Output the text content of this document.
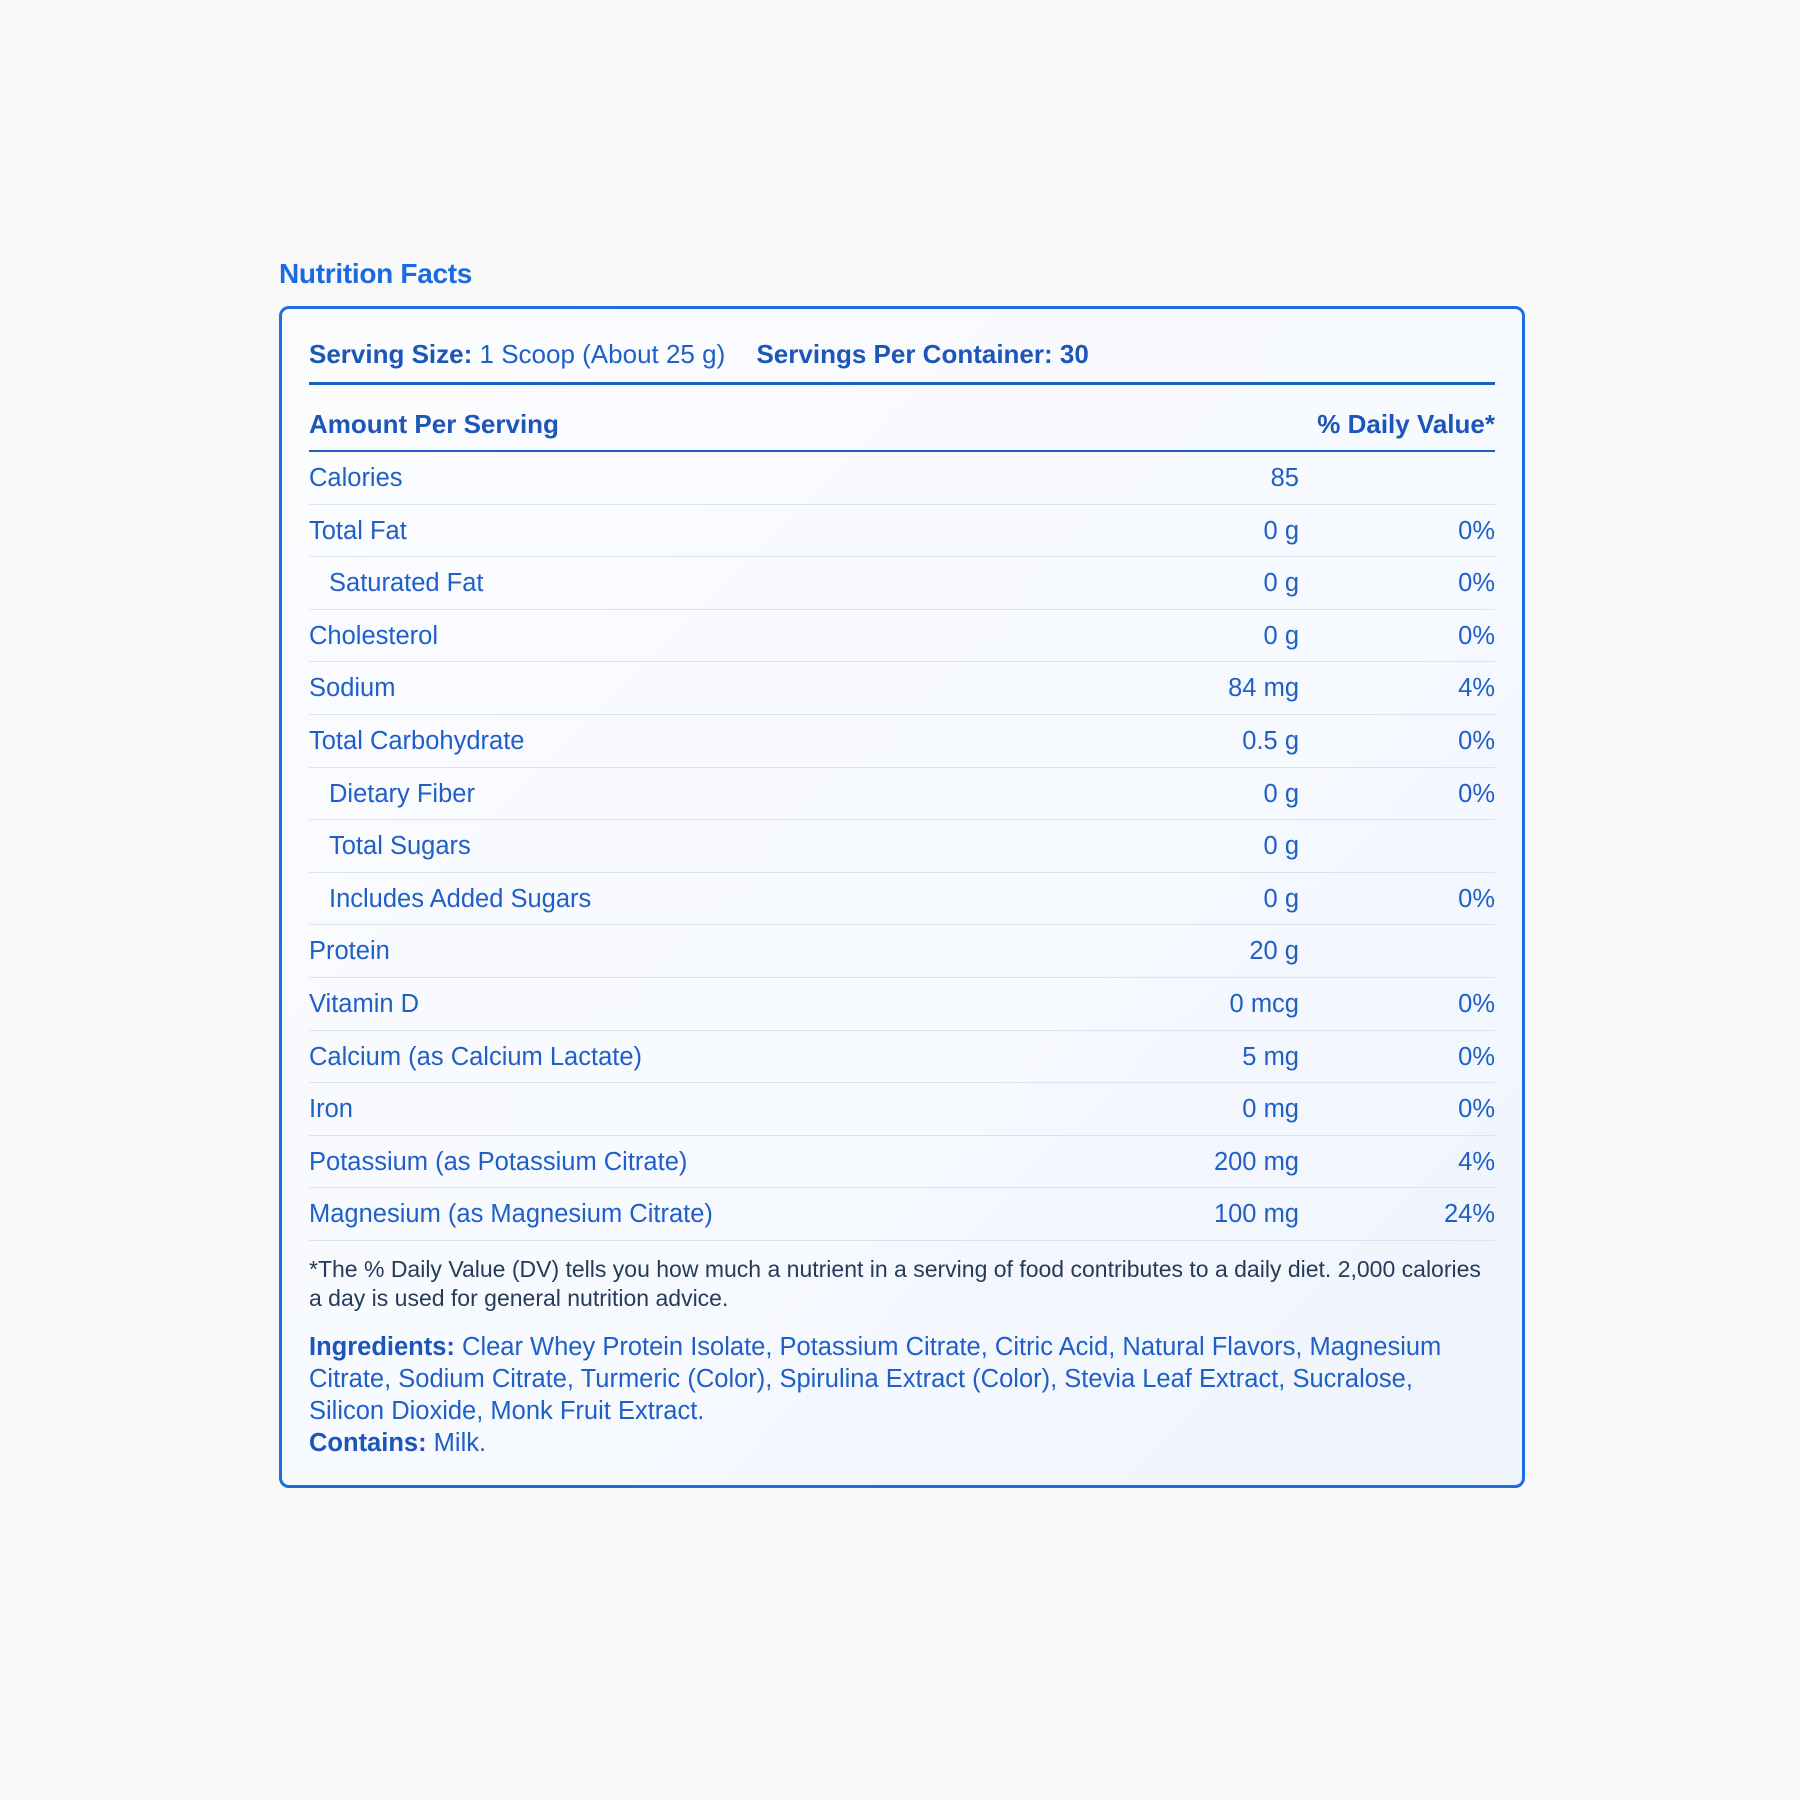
Nutrition Facts
Serving Size: 1 Scoop (About 25 g) Servings Per Container: 30
Amount Per Serving	% Daily Value*
Calories	85
Total Fat	0 g	0%
Saturated Fat	0 g	0%
Cholesterol	0 g	0%
Sodium	84 mg	4%
Total Carbohydrate	0.5 g	0%
Dietary Fiber	0 g	0%
Total Sugars	0 g
Includes Added Sugars	0 g	0%
Protein	20 g
Vitamin D	0 mcg	0%
Calcium (as Calcium Lactate)	5 mg	0%
Iron	0 mg	0%
Potassium (as Potassium Citrate)	200 mg	4%
Magnesium (as Magnesium Citrate)	100 mg	24%
*The % Daily Value (DV) tells you how much a nutrient in a serving of food contributes to a daily diet. 2,000 calories a day is used for general nutrition advice.
Ingredients: Clear Whey Protein Isolate, Potassium Citrate, Citric Acid, Natural Flavors, Magnesium Citrate, Sodium Citrate, Turmeric (Color), Spirulina Extract (Color), Stevia Leaf Extract, Sucralose, Silicon Dioxide, Monk Fruit Extract.
Contains: Milk.
